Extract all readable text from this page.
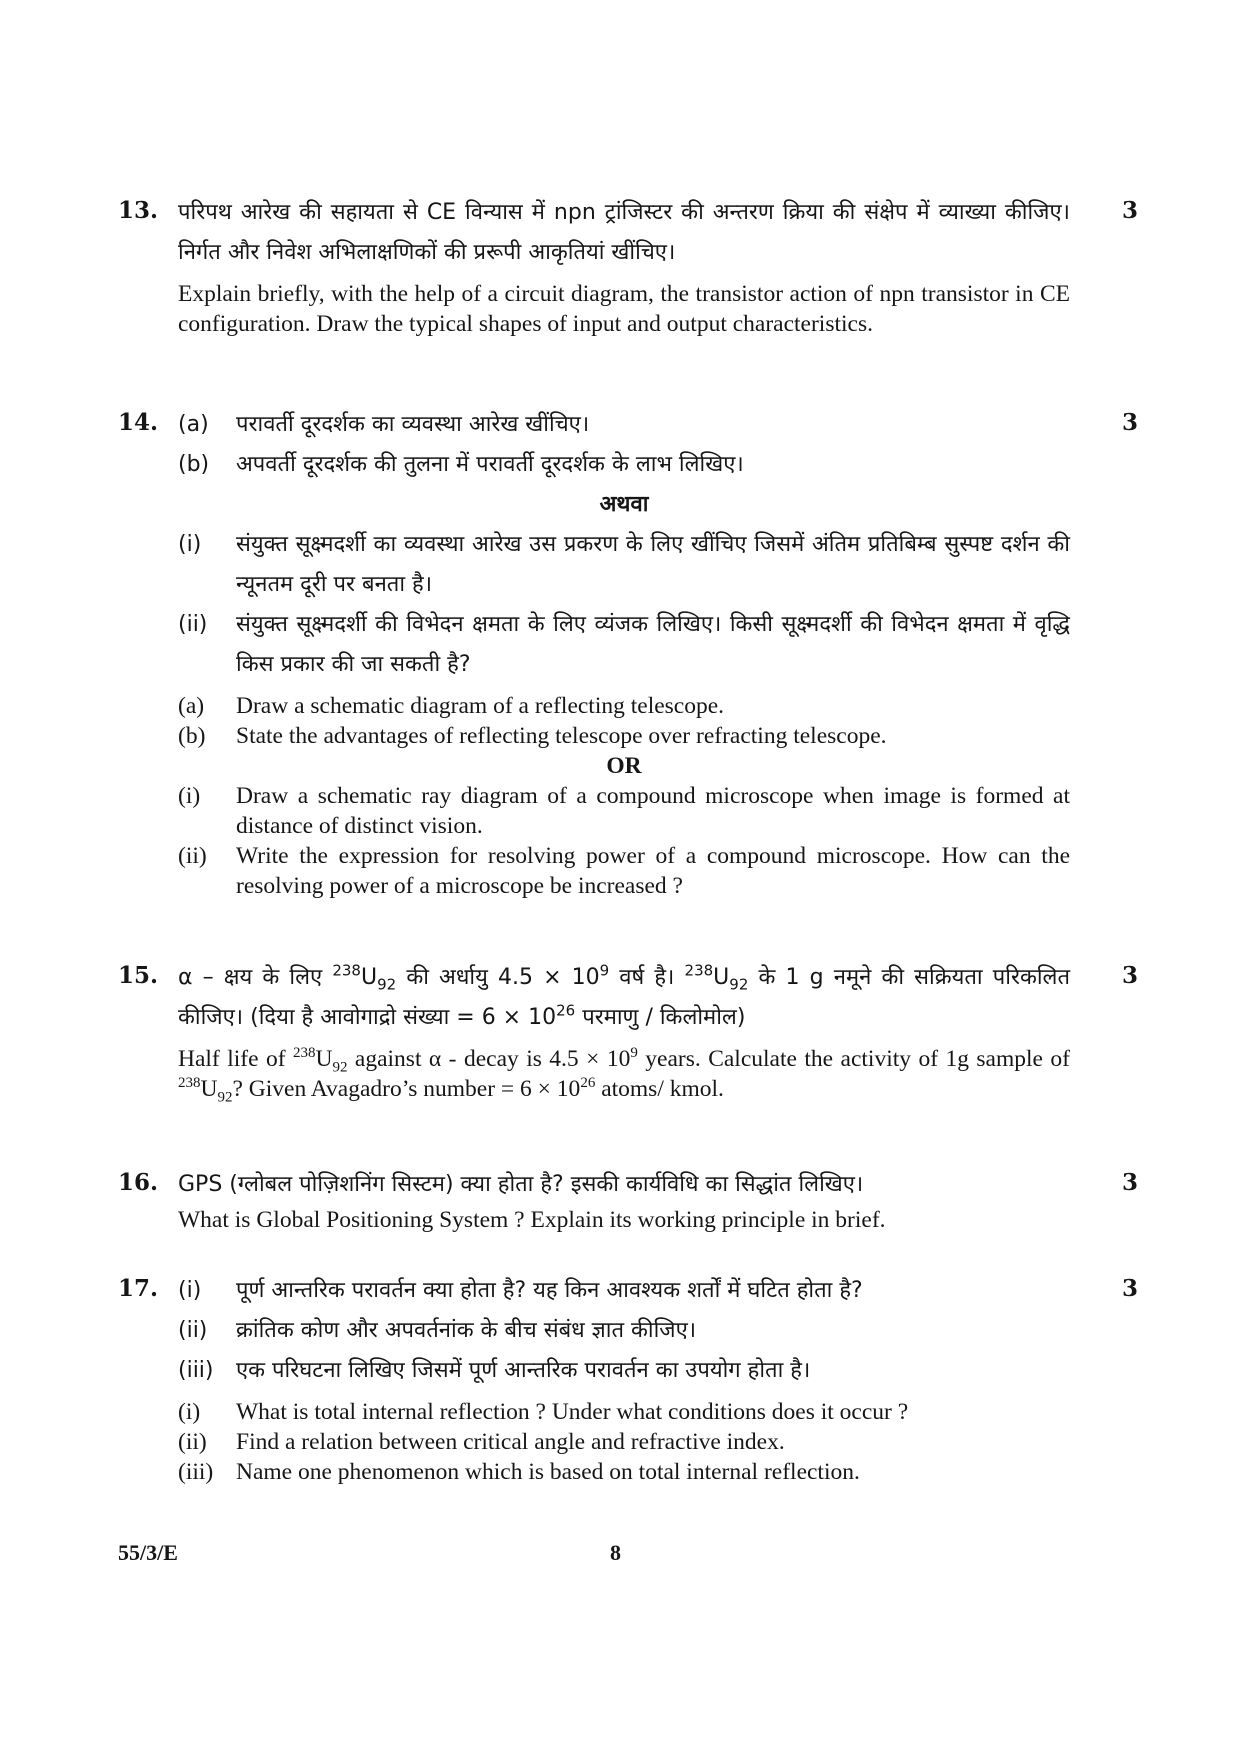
13.	3
परिपथ आरेख की सहायता से CE विन्यास में npn ट्रांजिस्टर की अन्तरण क्रिया की संक्षेप में व्याख्या कीजिए। निर्गत और निवेश अभिलाक्षणिकों की प्ररूपी आकृतियां खींचिए।
Explain briefly, with the help of a circuit diagram, the transistor action of npn transistor in CE configuration. Draw the typical shapes of input and output characteristics.
14.	3
(a) परावर्ती दूरदर्शक का व्यवस्था आरेख खींचिए।
(b) अपवर्ती दूरदर्शक की तुलना में परावर्ती दूरदर्शक के लाभ लिखिए।
अथवा
(i) संयुक्त सूक्ष्मदर्शी का व्यवस्था आरेख उस प्रकरण के लिए खींचिए जिसमें अंतिम प्रतिबिम्ब सुस्पष्ट दर्शन की न्यूनतम दूरी पर बनता है।
(ii) संयुक्त सूक्ष्मदर्शी की विभेदन क्षमता के लिए व्यंजक लिखिए। किसी सूक्ष्मदर्शी की विभेदन क्षमता में वृद्धि किस प्रकार की जा सकती है?
(a) Draw a schematic diagram of a reflecting telescope.
(b) State the advantages of reflecting telescope over refracting telescope.
OR
(i) Draw a schematic ray diagram of a compound microscope when image is formed at distance of distinct vision.
(ii) Write the expression for resolving power of a compound microscope. How can the resolving power of a microscope be increased ?
15.	3
α – क्षय के लिए $^{238}U_{92}$ की अर्धायु $4.5 \times 10^9$ वर्ष है। $^{238}U_{92}$ के 1 g नमूने की सक्रियता परिकलित कीजिए। (दिया है आवोगाद्रो संख्या = $6 \times 10^{26}$ परमाणु / किलोमोल)
Half life of $^{238}U_{92}$ against α - decay is $4.5 \times 10^9$ years. Calculate the activity of 1g sample of $^{238}U_{92}$? Given Avagadro’s number = $6 \times 10^{26}$ atoms/ kmol.
16.	3
GPS (ग्लोबल पोज़िशनिंग सिस्टम) क्या होता है? इसकी कार्यविधि का सिद्धांत लिखिए।
What is Global Positioning System ? Explain its working principle in brief.
17.	3
(i) पूर्ण आन्तरिक परावर्तन क्या होता है? यह किन आवश्यक शर्तों में घटित होता है?
(ii) क्रांतिक कोण और अपवर्तनांक के बीच संबंध ज्ञात कीजिए।
(iii) एक परिघटना लिखिए जिसमें पूर्ण आन्तरिक परावर्तन का उपयोग होता है।
(i) What is total internal reflection ? Under what conditions does it occur ?
(ii) Find a relation between critical angle and refractive index.
(iii) Name one phenomenon which is based on total internal reflection.
55/3/E	8
